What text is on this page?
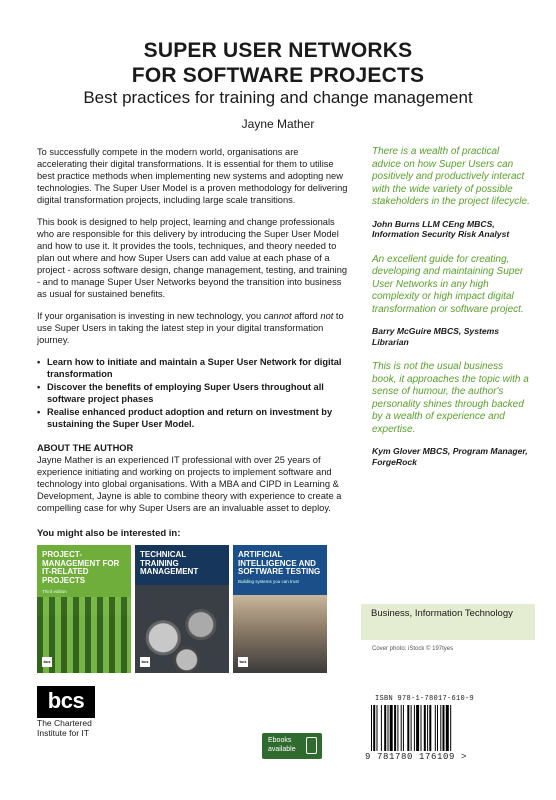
SUPER USER NETWORKS
FOR SOFTWARE PROJECTS
Best practices for training and change management
Jayne Mather

To successfully compete in the modern world, organisations are accelerating their digital transformations. It is essential for them to utilise best practice methods when implementing new systems and adopting new technologies. The Super User Model is a proven methodology for delivering digital transformation projects, including large scale transitions.

This book is designed to help project, learning and change professionals who are responsible for this delivery by introducing the Super User Model and how to use it. It provides the tools, techniques, and theory needed to plan out where and how Super Users can add value at each phase of a project - across software design, change management, testing, and training - and to manage Super User Networks beyond the transition into business as usual for sustained benefits.

If your organisation is investing in new technology, you cannot afford not to use Super Users in taking the latest step in your digital transformation journey.

• Learn how to initiate and maintain a Super User Network for digital transformation
• Discover the benefits of employing Super Users throughout all software project phases
• Realise enhanced product adoption and return on investment by sustaining the Super User Model.
ABOUT THE AUTHOR

Jayne Mather is an experienced IT professional with over 25 years of experience initiating and working on projects to implement software and technology into global organisations. With a MBA and CIPD in Learning & Development, Jayne is able to combine theory with experience to create a compelling case for why Super Users are an invaluable asset to deploy.

You might also be interested in:
PROJECT-MANAGEMENT FOR IT-RELATED PROJECTS
Third edition
bcs
TECHNICAL TRAINING MANAGEMENT
bcs
ARTIFICIAL INTELLIGENCE AND SOFTWARE TESTING
Building systems you can trust
bcs
bcs
The Chartered Institute for IT
There is a wealth of practical advice on how Super Users can positively and productively interact with the wide variety of possible stakeholders in the project lifecycle.
John Burns LLM CEng MBCS, Information Security Risk Analyst
An excellent guide for creating, developing and maintaining Super User Networks in any high complexity or high impact digital transformation or software project.
Barry McGuire MBCS, Systems Librarian
This is not the usual business book, it approaches the topic with a sense of humour, the author's personality shines through backed by a wealth of experience and expertise.
Kym Glover MBCS, Program Manager, ForgeRock
Business, Information Technology
Cover photo: iStock © 197tyes
Ebooks available
ISBN 978-1-78017-610-9
9 781780 176109 >
